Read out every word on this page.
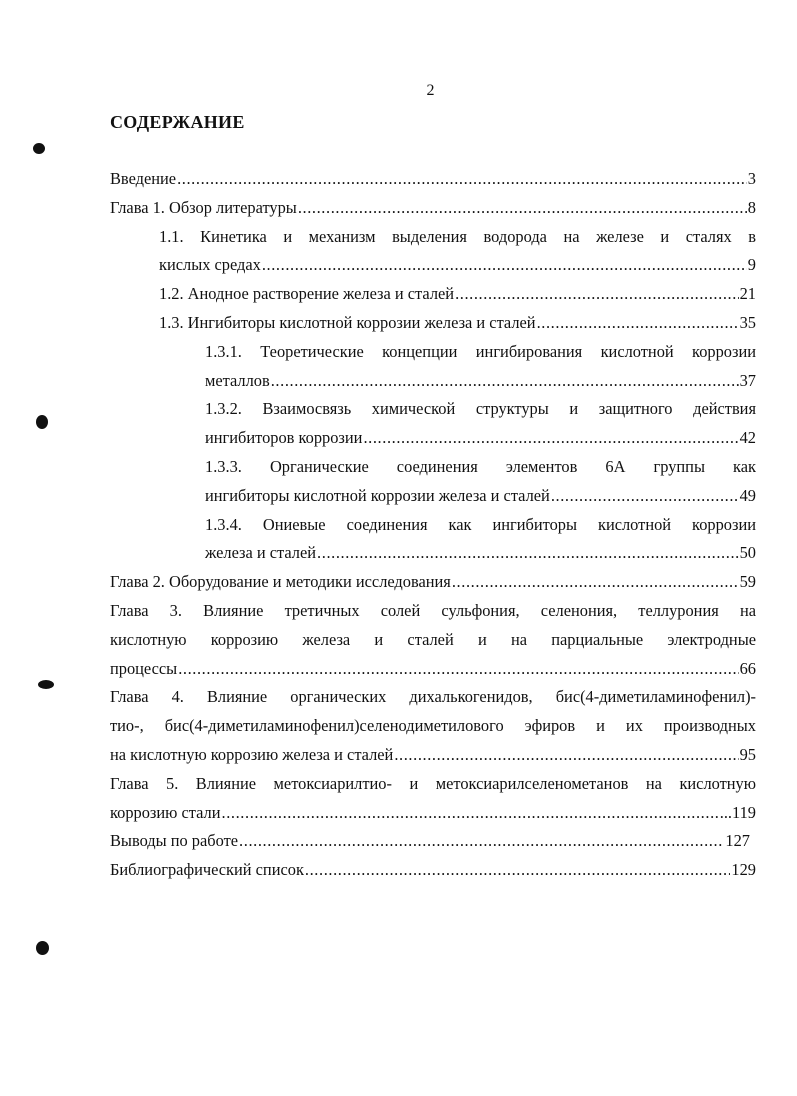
2
СОДЕРЖАНИЕ
Введение .....	3
Глава 1. Обзор литературы .....	8
1.1. Кинетика и механизм выделения водорода на железе и сталях в
кислых средах .....	9
1.2. Анодное растворение железа и сталей .....	21
1.3. Ингибиторы кислотной коррозии железа и сталей .....	35
1.3.1. Теоретические концепции ингибирования кислотной коррозии
металлов .....	37
1.3.2. Взаимосвязь химической структуры и защитного действия
ингибиторов коррозии .....	42
1.3.3. Органические соединения элементов 6А группы как
ингибиторы кислотной коррозии железа и сталей .....	49
1.3.4. Ониевые соединения как ингибиторы кислотной коррозии
железа и сталей .....	50
Глава 2. Оборудование и методики исследования .....	59
Глава 3. Влияние третичных солей сульфония, селенония, теллурония на
кислотную коррозию железа и сталей и на парциальные электродные
процессы .....	66
Глава 4. Влияние органических дихалькогенидов, бис(4-диметиламинофенил)-
тио-, бис(4-диметиламинофенил)селенодиметилового эфиров и их производных
на кислотную коррозию железа и сталей .....	95
Глава 5. Влияние метоксиарилтио- и метоксиарилселенометанов на кислотную
коррозию стали .....	...119
Выводы по работе .....	127
Библиографический список .....	129
